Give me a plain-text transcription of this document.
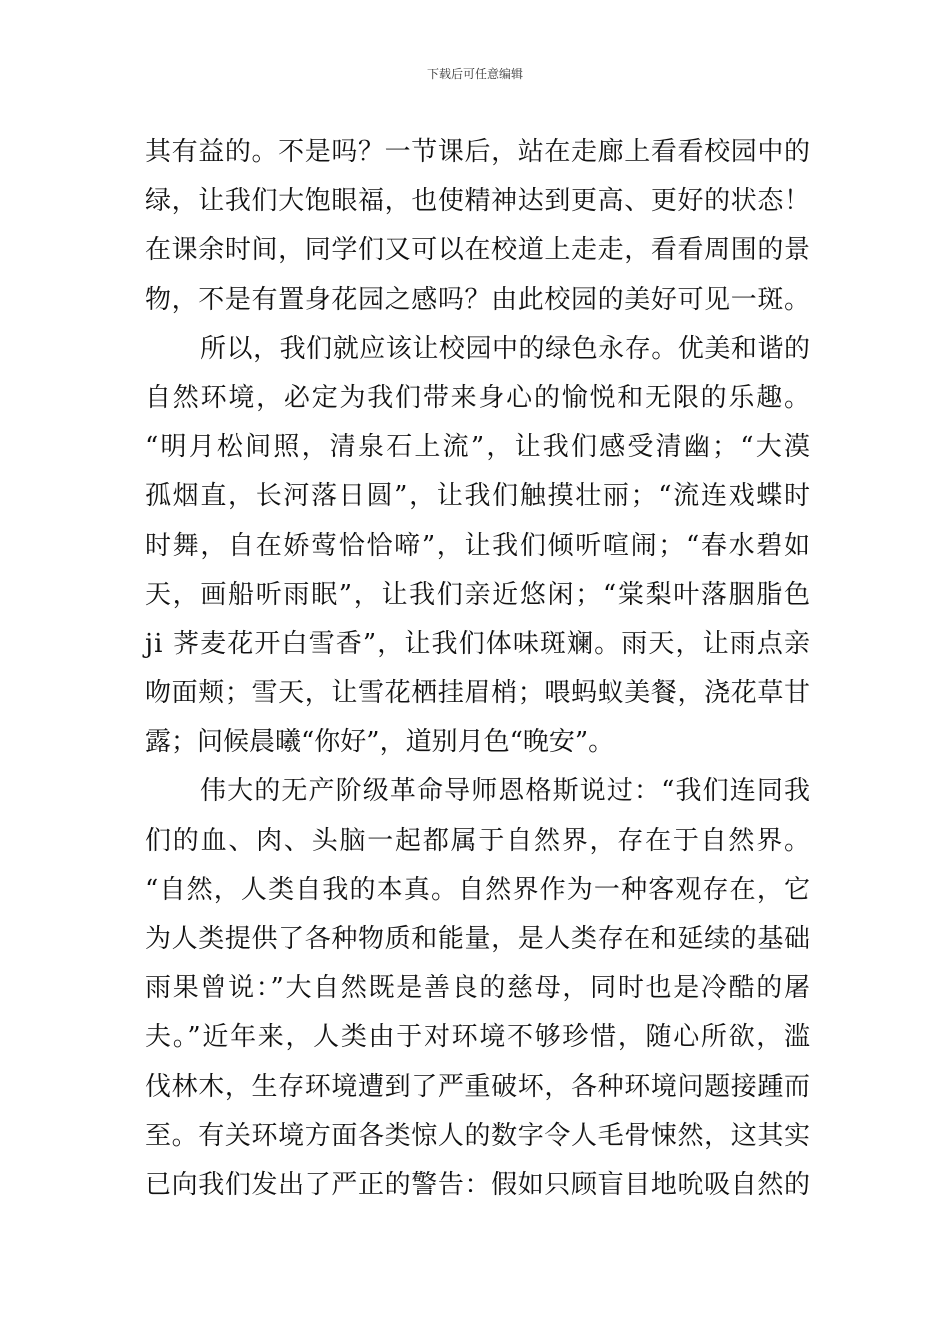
下载后可任意编辑
其有益的。不是吗？一节课后，站在走廊上看看校园中的
绿，让我们大饱眼福，也使精神达到更高、更好的状态！
在课余时间，同学们又可以在校道上走走，看看周围的景
物，不是有置身花园之感吗？由此校园的美好可见一斑。
所以，我们就应该让校园中的绿色永存。优美和谐的
自然环境，必定为我们带来身心的愉悦和无限的乐趣。
“明月松间照，清泉石上流”，让我们感受清幽；“大漠
孤烟直，长河落日圆”，让我们触摸壮丽；“流连戏蝶时
时舞，自在娇莺恰恰啼”，让我们倾听喧闹；“春水碧如
天，画船听雨眠”，让我们亲近悠闲；“棠梨叶落胭脂色
ji 荠麦花开白雪香”，让我们体味斑斓。雨天，让雨点亲
吻面颊；雪天，让雪花栖挂眉梢；喂蚂蚁美餐，浇花草甘
露；问候晨曦“你好”，道别月色“晚安”。
伟大的无产阶级革命导师恩格斯说过：“我们连同我
们的血、肉、头脑一起都属于自然界，存在于自然界。
“自然，人类自我的本真。自然界作为一种客观存在，它
为人类提供了各种物质和能量，是人类存在和延续的基础
雨果曾说：”大自然既是善良的慈母，同时也是冷酷的屠
夫。”近年来，人类由于对环境不够珍惜，随心所欲，滥
伐林木，生存环境遭到了严重破坏，各种环境问题接踵而
至。有关环境方面各类惊人的数字令人毛骨悚然，这其实
已向我们发出了严正的警告：假如只顾盲目地吮吸自然的
